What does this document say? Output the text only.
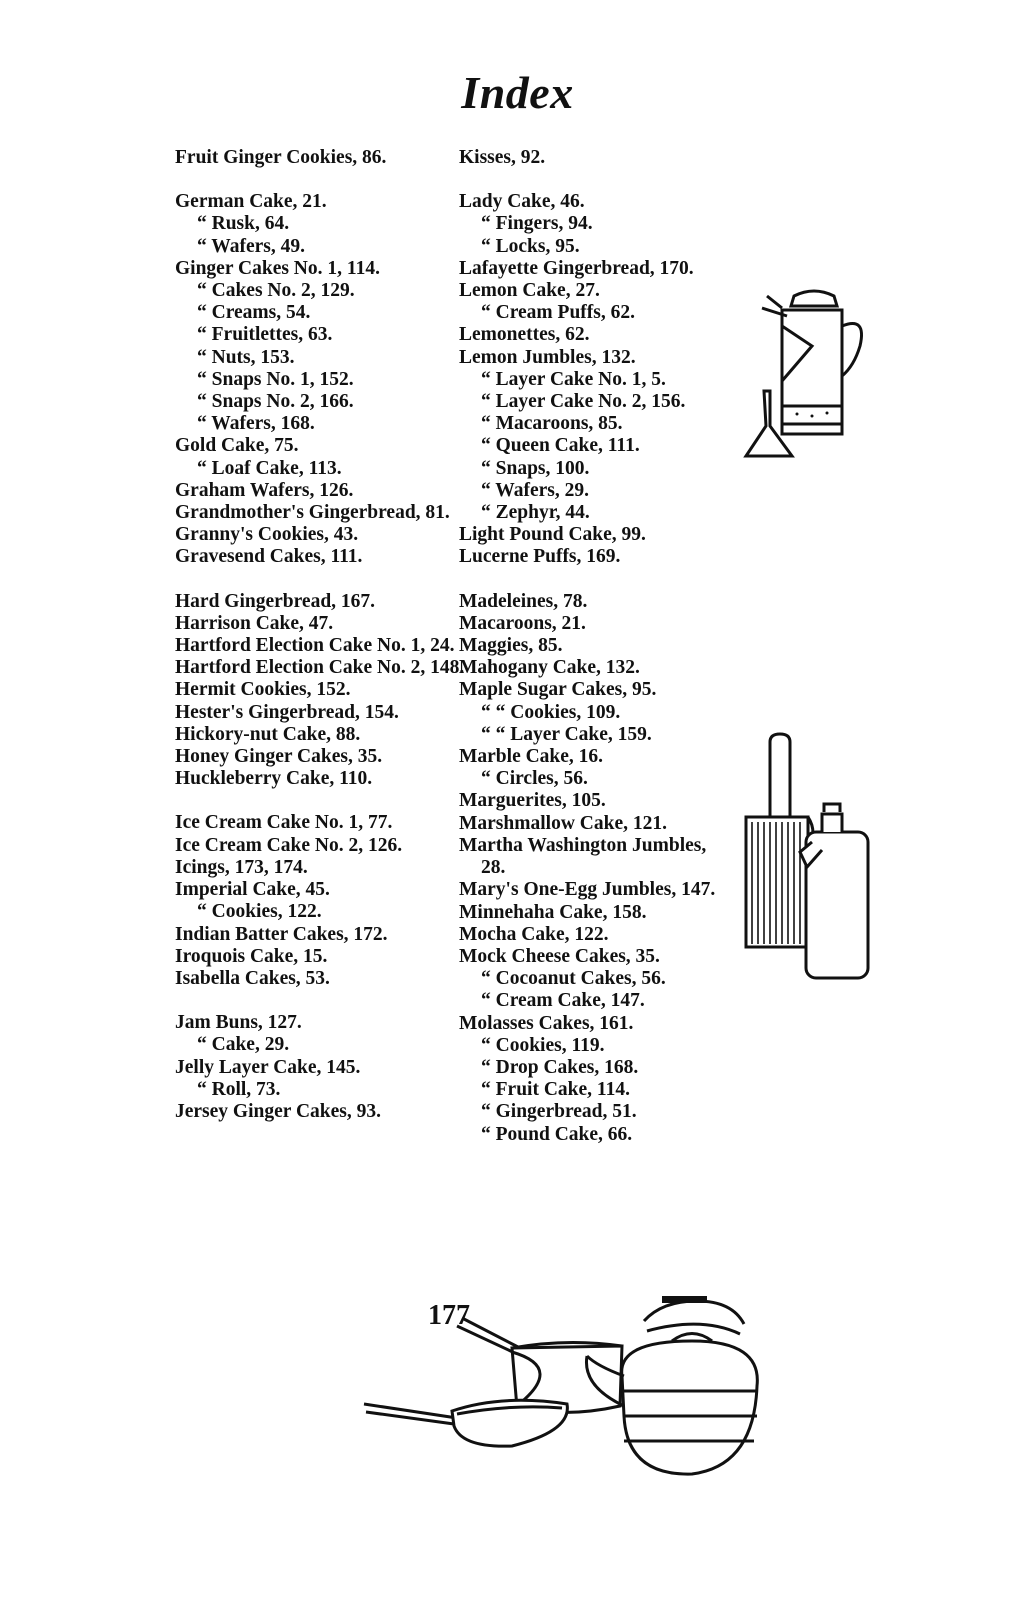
Index
Fruit Ginger Cookies, 86.
German Cake, 21.
“ Rusk, 64.
“ Wafers, 49.
Ginger Cakes No. 1, 114.
“ Cakes No. 2, 129.
“ Creams, 54.
“ Fruitlettes, 63.
“ Nuts, 153.
“ Snaps No. 1, 152.
“ Snaps No. 2, 166.
“ Wafers, 168.
Gold Cake, 75.
“ Loaf Cake, 113.
Graham Wafers, 126.
Grandmother's Gingerbread, 81.
Granny's Cookies, 43.
Gravesend Cakes, 111.
Hard Gingerbread, 167.
Harrison Cake, 47.
Hartford Election Cake No. 1, 24.
Hartford Election Cake No. 2, 148.
Hermit Cookies, 152.
Hester's Gingerbread, 154.
Hickory-nut Cake, 88.
Honey Ginger Cakes, 35.
Huckleberry Cake, 110.
Ice Cream Cake No. 1, 77.
Ice Cream Cake No. 2, 126.
Icings, 173, 174.
Imperial Cake, 45.
“ Cookies, 122.
Indian Batter Cakes, 172.
Iroquois Cake, 15.
Isabella Cakes, 53.
Jam Buns, 127.
“ Cake, 29.
Jelly Layer Cake, 145.
“ Roll, 73.
Jersey Ginger Cakes, 93.
Kisses, 92.
Lady Cake, 46.
“ Fingers, 94.
“ Locks, 95.
Lafayette Gingerbread, 170.
Lemon Cake, 27.
“ Cream Puffs, 62.
Lemonettes, 62.
Lemon Jumbles, 132.
“ Layer Cake No. 1, 5.
“ Layer Cake No. 2, 156.
“ Macaroons, 85.
“ Queen Cake, 111.
“ Snaps, 100.
“ Wafers, 29.
“ Zephyr, 44.
Light Pound Cake, 99.
Lucerne Puffs, 169.
Madeleines, 78.
Macaroons, 21.
Maggies, 85.
Mahogany Cake, 132.
Maple Sugar Cakes, 95.
“ “ Cookies, 109.
“ “ Layer Cake, 159.
Marble Cake, 16.
“ Circles, 56.
Marguerites, 105.
Marshmallow Cake, 121.
Martha Washington Jumbles, 28.
Mary's One-Egg Jumbles, 147.
Minnehaha Cake, 158.
Mocha Cake, 122.
Mock Cheese Cakes, 35.
“ Cocoanut Cakes, 56.
“ Cream Cake, 147.
Molasses Cakes, 161.
“ Cookies, 119.
“ Drop Cakes, 168.
“ Fruit Cake, 114.
“ Gingerbread, 51.
“ Pound Cake, 66.
177
